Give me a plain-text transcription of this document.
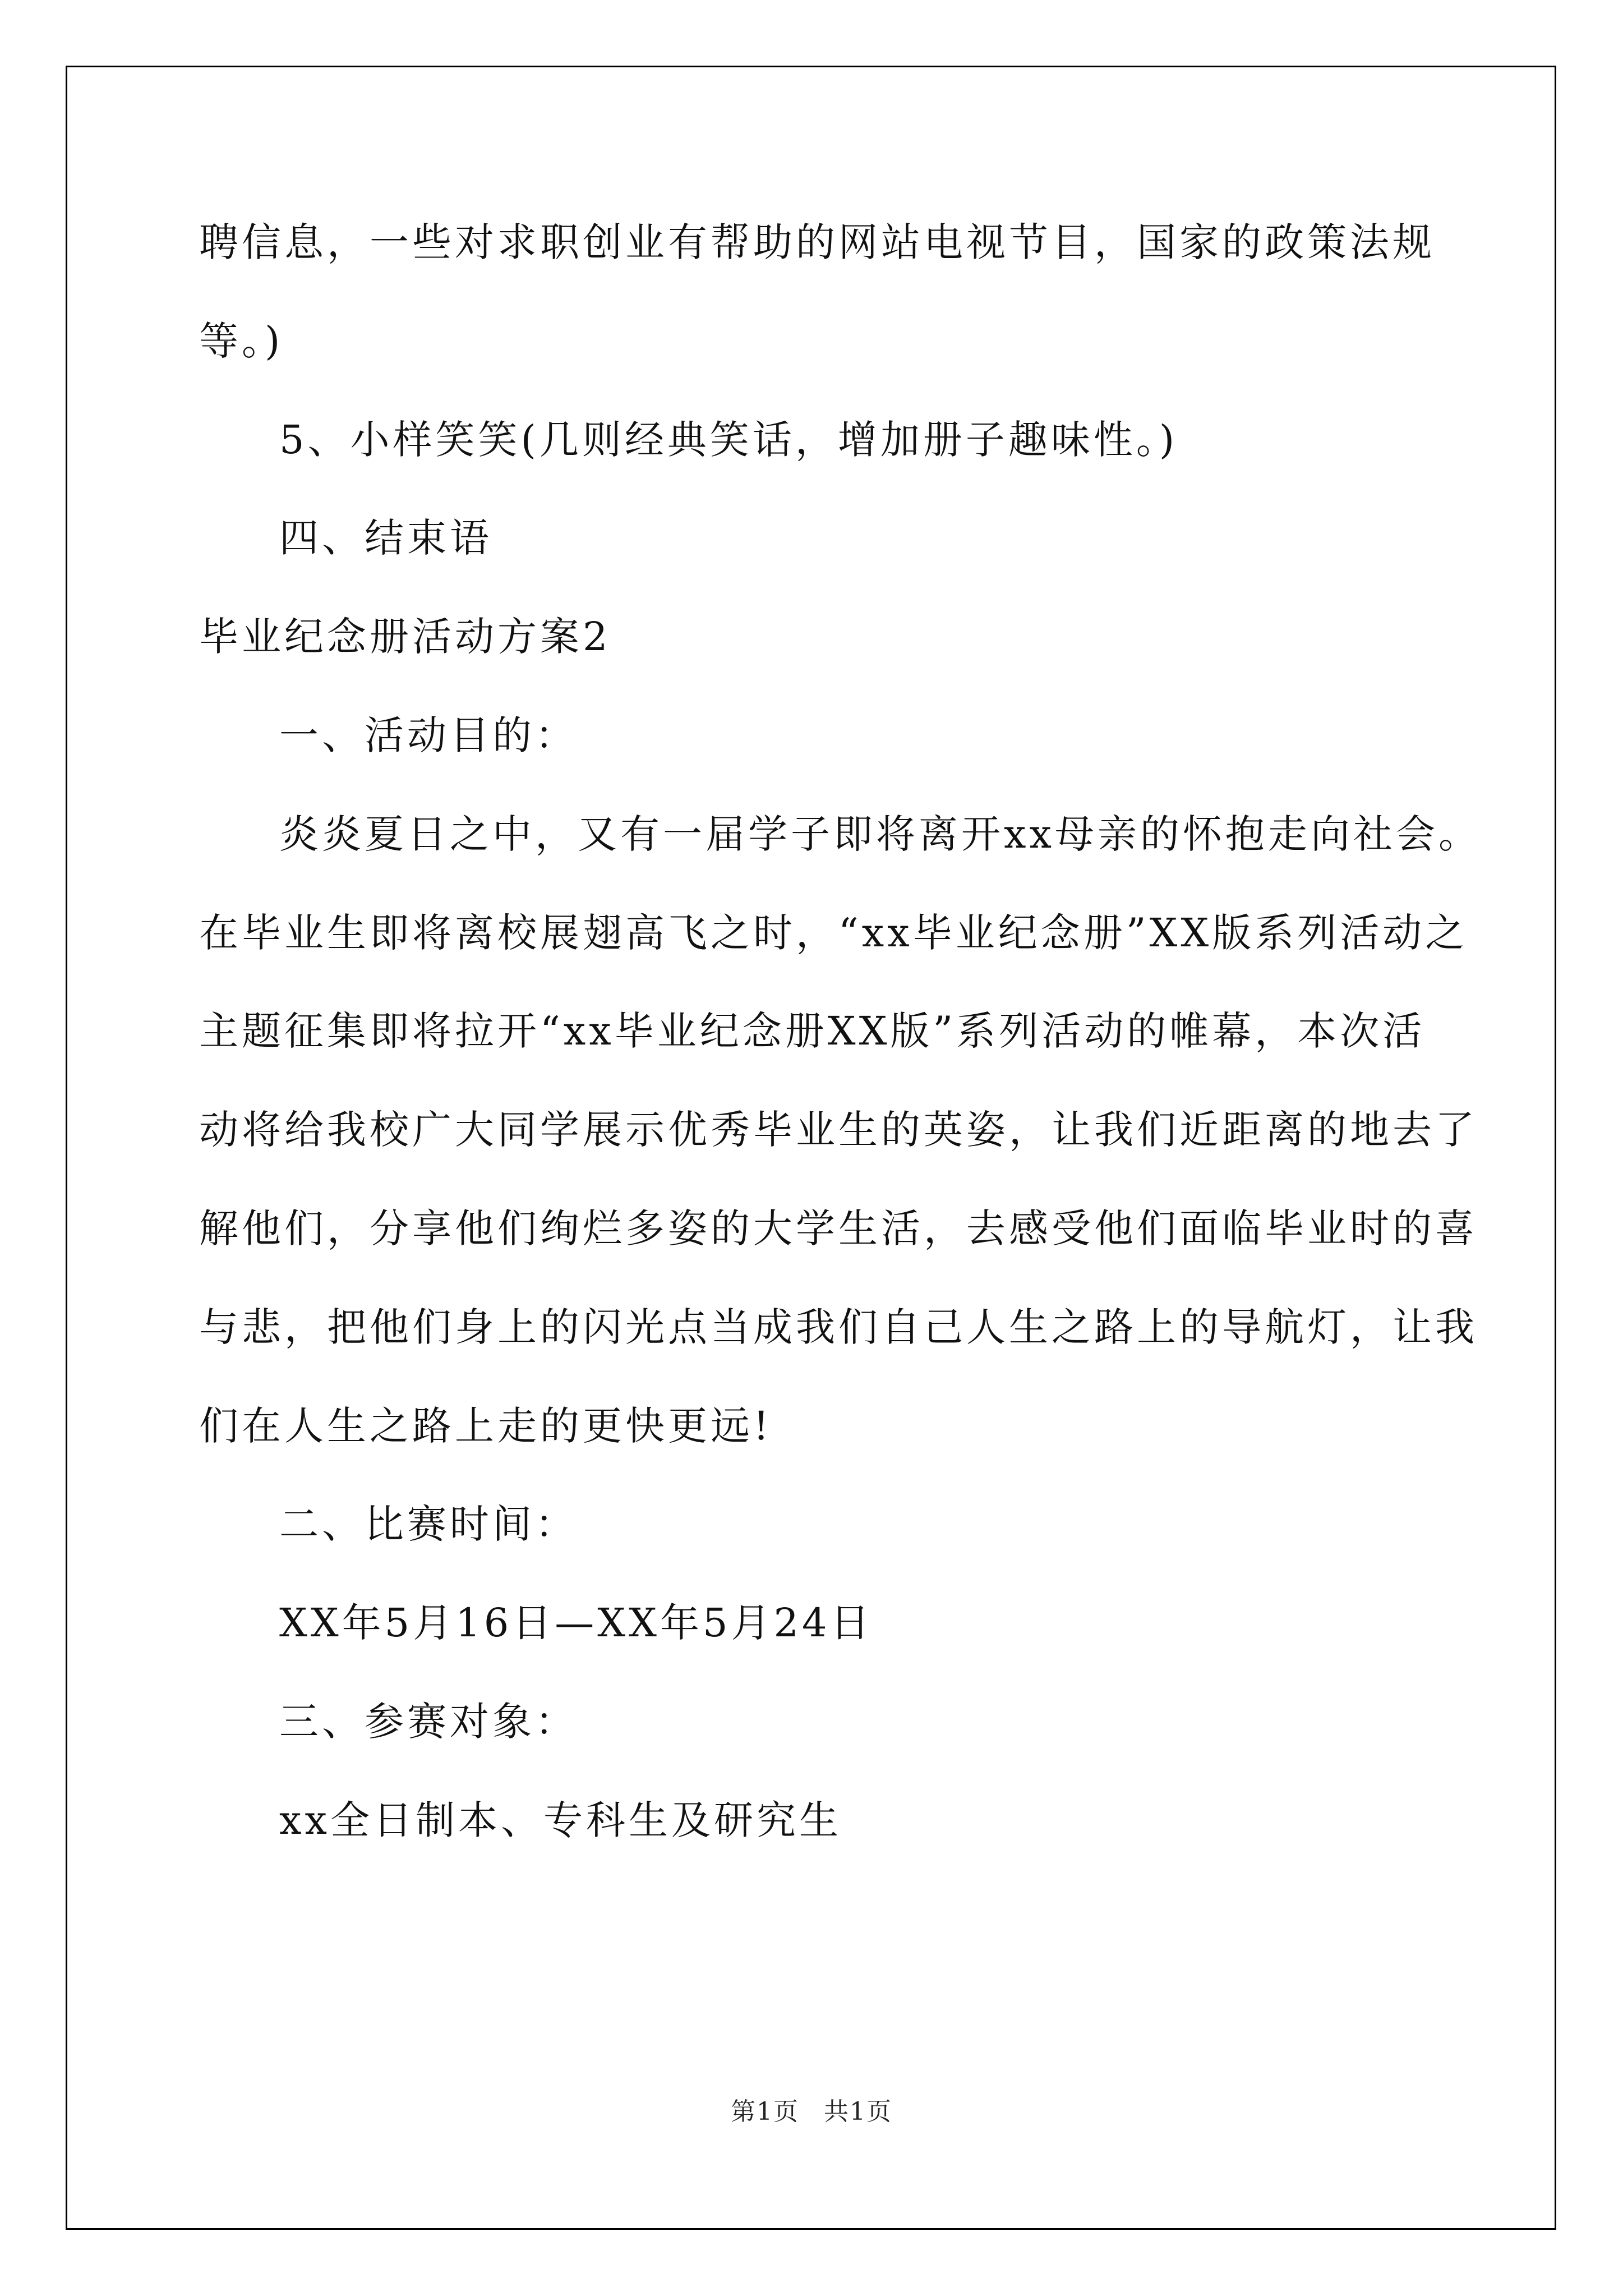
聘信息，一些对求职创业有帮助的网站电视节目，国家的政策法规
等。)
5、小样笑笑(几则经典笑话，增加册子趣味性。)
四、结束语
毕业纪念册活动方案2
一、活动目的：
炎炎夏日之中，又有一届学子即将离开xx母亲的怀抱走向社会。
在毕业生即将离校展翅高飞之时，“xx毕业纪念册”XX版系列活动之
主题征集即将拉开“xx毕业纪念册XX版”系列活动的帷幕，本次活
动将给我校广大同学展示优秀毕业生的英姿，让我们近距离的地去了
解他们，分享他们绚烂多姿的大学生活，去感受他们面临毕业时的喜
与悲，把他们身上的闪光点当成我们自己人生之路上的导航灯，让我
们在人生之路上走的更快更远!
二、比赛时间：
XX年5月16日—XX年5月24日
三、参赛对象：
xx全日制本、专科生及研究生
第1页 共1页
